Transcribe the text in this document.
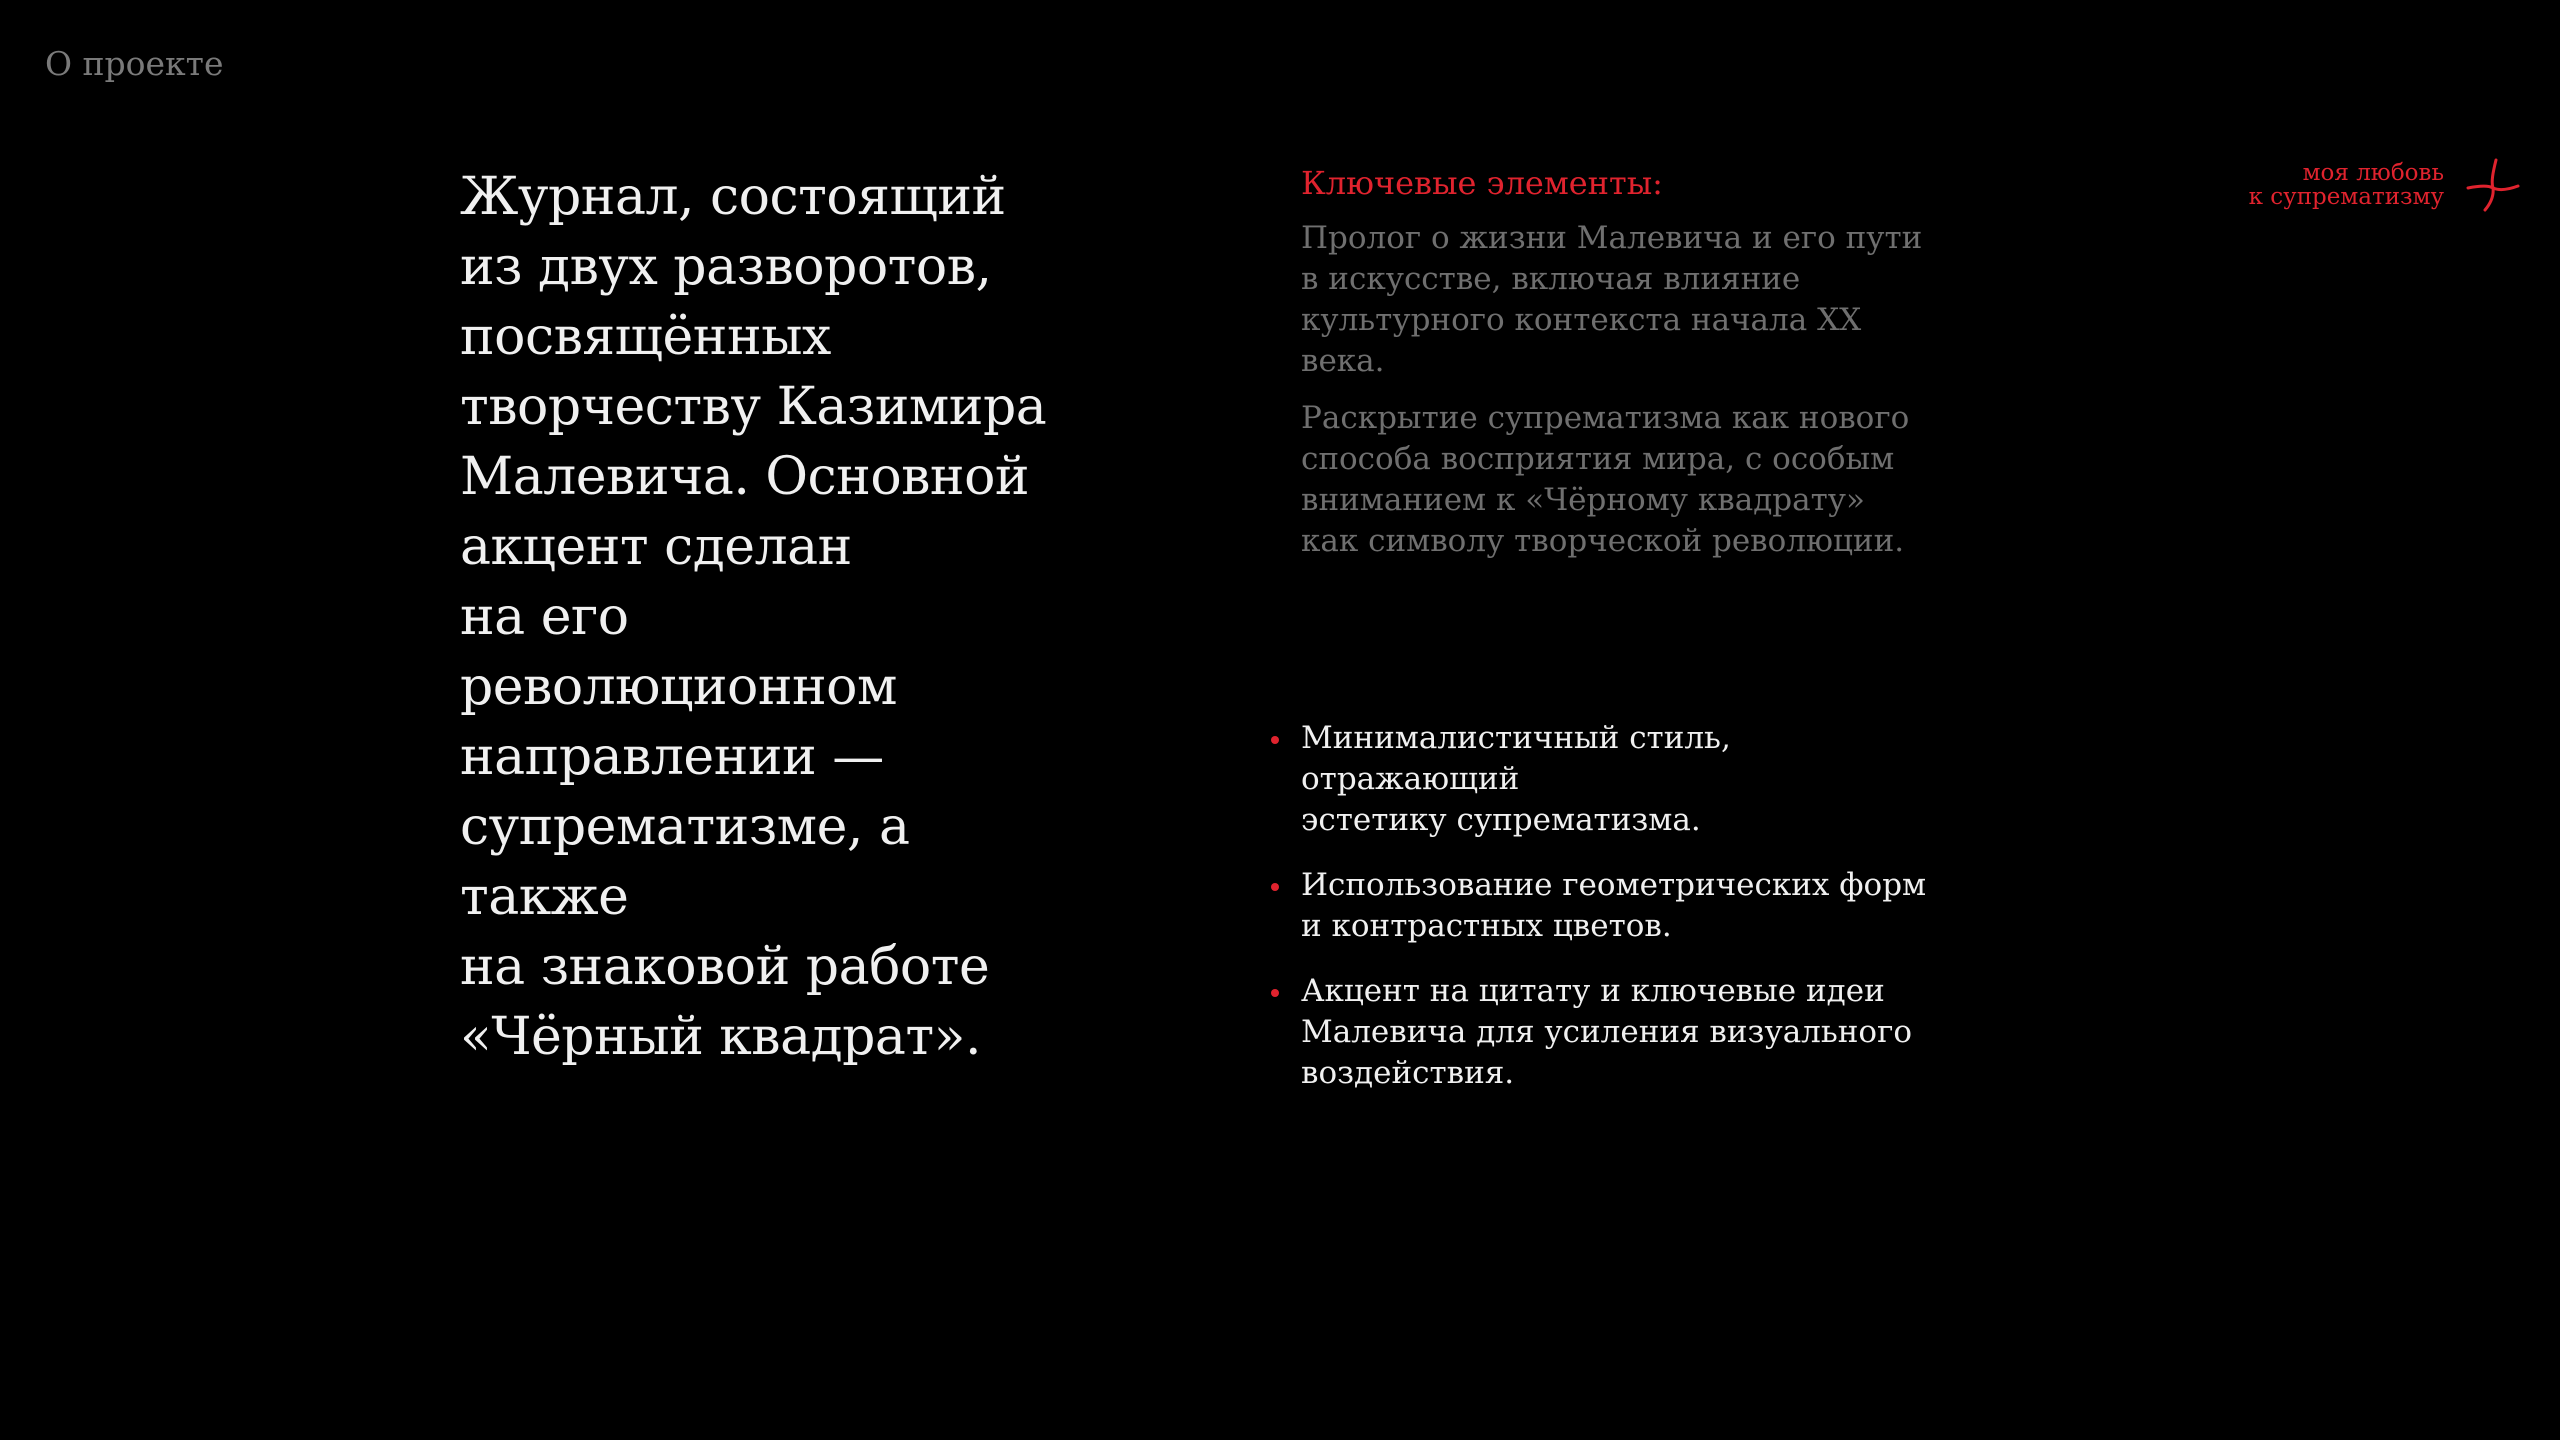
О проекте

Журнал, состоящий
из двух разворотов,
посвящённых
творчеству Казимира
Малевича. Основной
акцент сделан
на его революционном
направлении —
супрематизме, а также
на знаковой работе
«Чёрный квадрат».

Ключевые элементы:

Пролог о жизни Малевича и его пути
в искусстве, включая влияние
культурного контекста начала XX века.

Раскрытие супрематизма как нового
способа восприятия мира, с особым
вниманием к «Чёрному квадрату»
как символу творческой революции.

Минималистичный стиль, отражающий
эстетику супрематизма.
Использование геометрических форм
и контрастных цветов.
Акцент на цитату и ключевые идеи
Малевича для усиления визуального
воздействия.
моя любовь
к супрематизму
